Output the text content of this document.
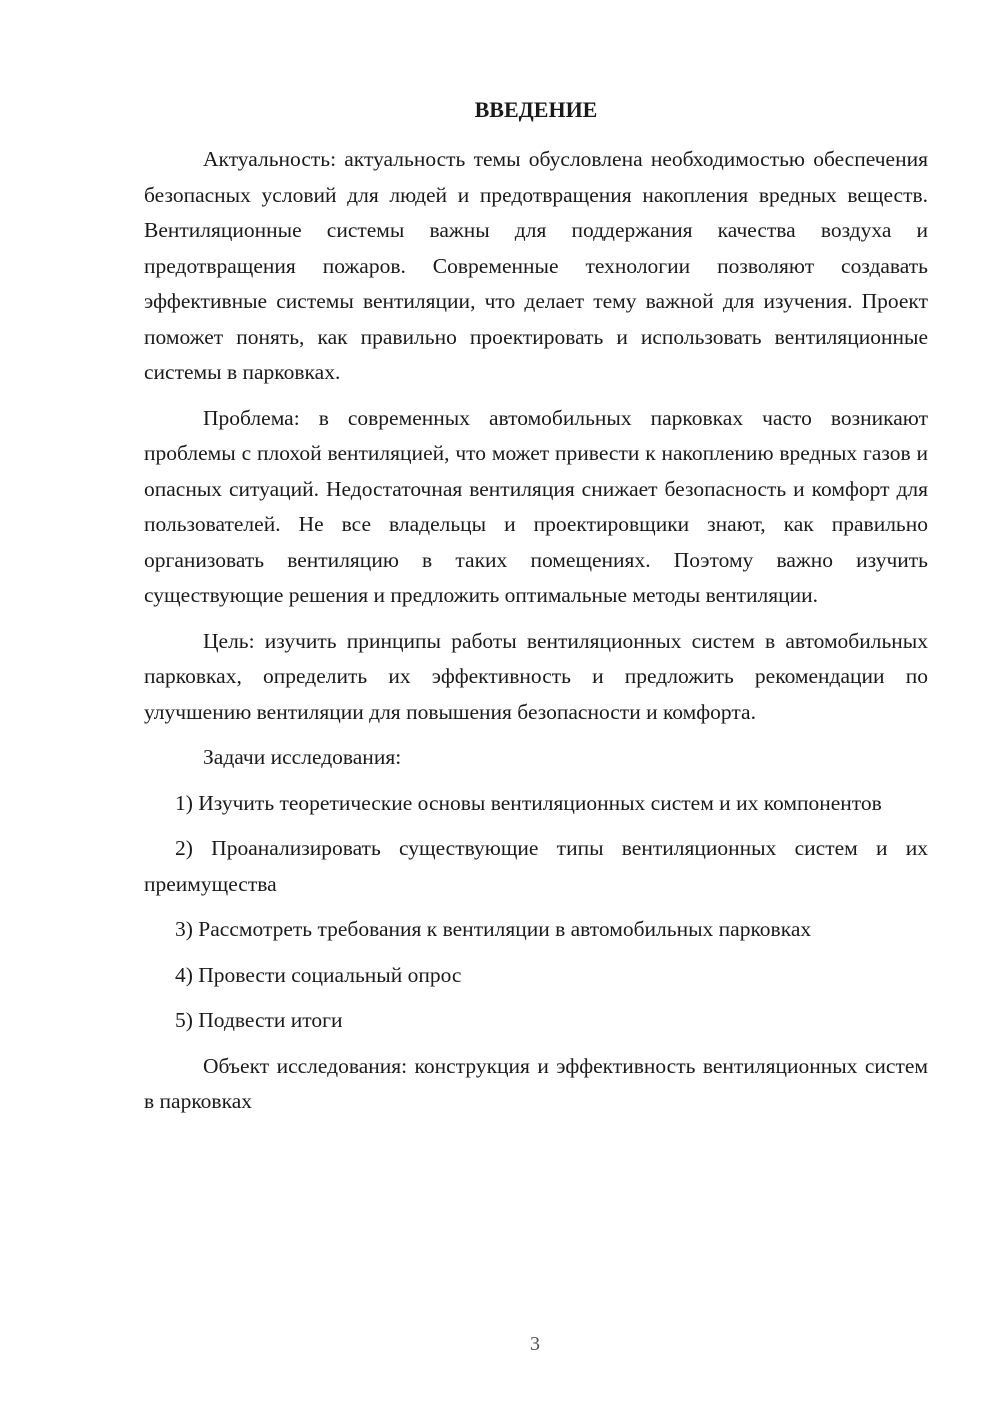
ВВЕДЕНИЕ

Актуальность: актуальность темы обусловлена необходимостью обеспечения безопасных условий для людей и предотвращения накопления вредных веществ. Вентиляционные системы важны для поддержания качества воздуха и предотвращения пожаров. Современные технологии позволяют создавать эффективные системы вентиляции, что делает тему важной для изучения. Проект поможет понять, как правильно проектировать и использовать вентиляционные системы в парковках.

Проблема: в современных автомобильных парковках часто возникают проблемы с плохой вентиляцией, что может привести к накоплению вредных газов и опасных ситуаций. Недостаточная вентиляция снижает безопасность и комфорт для пользователей. Не все владельцы и проектировщики знают, как правильно организовать вентиляцию в таких помещениях. Поэтому важно изучить существующие решения и предложить оптимальные методы вентиляции.

Цель: изучить принципы работы вентиляционных систем в автомобильных парковках, определить их эффективность и предложить рекомендации по улучшению вентиляции для повышения безопасности и комфорта.

Задачи исследования:

1) Изучить теоретические основы вентиляционных систем и их компонентов

2) Проанализировать существующие типы вентиляционных систем и их преимущества

3) Рассмотреть требования к вентиляции в автомобильных парковках

4) Провести социальный опрос

5) Подвести итоги

Объект исследования: конструкция и эффективность вентиляционных систем в парковках

3
